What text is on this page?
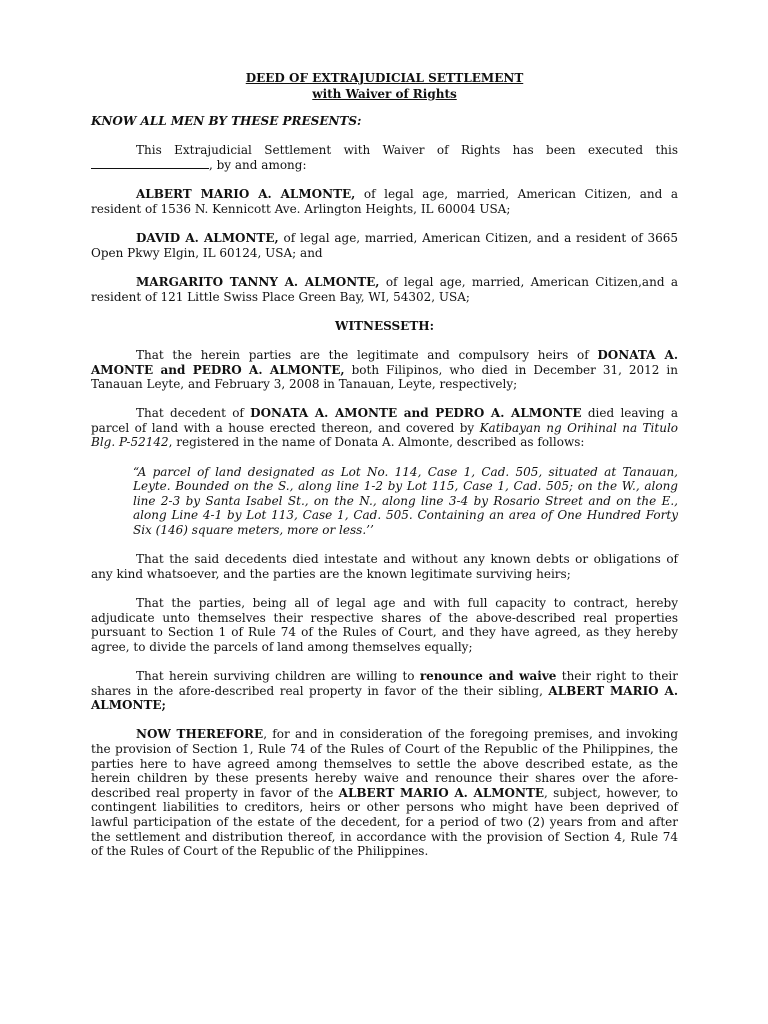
DEED OF EXTRAJUDICIAL SETTLEMENT
with Waiver of Rights
KNOW ALL MEN BY THESE PRESENTS:

This Extrajudicial Settlement with Waiver of Rights has been executed this , by and among:

ALBERT MARIO A. ALMONTE, of legal age, married, American Citizen, and a resident of 1536 N. Kennicott Ave. Arlington Heights, IL 60004 USA;

DAVID A. ALMONTE, of legal age, married, American Citizen, and a resident of 3665 Open Pkwy Elgin, IL 60124, USA; and

MARGARITO TANNY A. ALMONTE, of legal age, married, American Citizen,and a resident of 121 Little Swiss Place Green Bay, WI, 54302, USA;

WITNESSETH:

That the herein parties are the legitimate and compulsory heirs of DONATA A. AMONTE and PEDRO A. ALMONTE, both Filipinos, who died in December 31, 2012 in Tanauan Leyte, and February 3, 2008 in Tanauan, Leyte, respectively;

That decedent of DONATA A. AMONTE and PEDRO A. ALMONTE died leaving a parcel of land with a house erected thereon, and covered by Katibayan ng Orihinal na Titulo Blg. P-52142, registered in the name of Donata A. Almonte, described as follows:

“A parcel of land designated as Lot No. 114, Case 1, Cad. 505, situated at Tanauan, Leyte. Bounded on the S., along line 1-2 by Lot 115, Case 1, Cad. 505; on the W., along line 2-3 by Santa Isabel St., on the N., along line 3-4 by Rosario Street and on the E., along Line 4-1 by Lot 113, Case 1, Cad. 505. Containing an area of One Hundred Forty Six (146) square meters, more or less.’’

That the said decedents died intestate and without any known debts or obligations of any kind whatsoever, and the parties are the known legitimate surviving heirs;

That the parties, being all of legal age and with full capacity to contract, hereby adjudicate unto themselves their respective shares of the above-described real properties pursuant to Section 1 of Rule 74 of the Rules of Court, and they have agreed, as they hereby agree, to divide the parcels of land among themselves equally;

That herein surviving children are willing to renounce and waive their right to their shares in the afore-described real property in favor of the their sibling, ALBERT MARIO A. ALMONTE;

NOW THEREFORE, for and in consideration of the foregoing premises, and invoking the provision of Section 1, Rule 74 of the Rules of Court of the Republic of the Philippines, the parties here to have agreed among themselves to settle the above described estate, as the herein children by these presents hereby waive and renounce their shares over the afore-described real property in favor of the ALBERT MARIO A. ALMONTE, subject, however, to contingent liabilities to creditors, heirs or other persons who might have been deprived of lawful participation of the estate of the decedent, for a period of two (2) years from and after the settlement and distribution thereof, in accordance with the provision of Section 4, Rule 74 of the Rules of Court of the Republic of the Philippines.
